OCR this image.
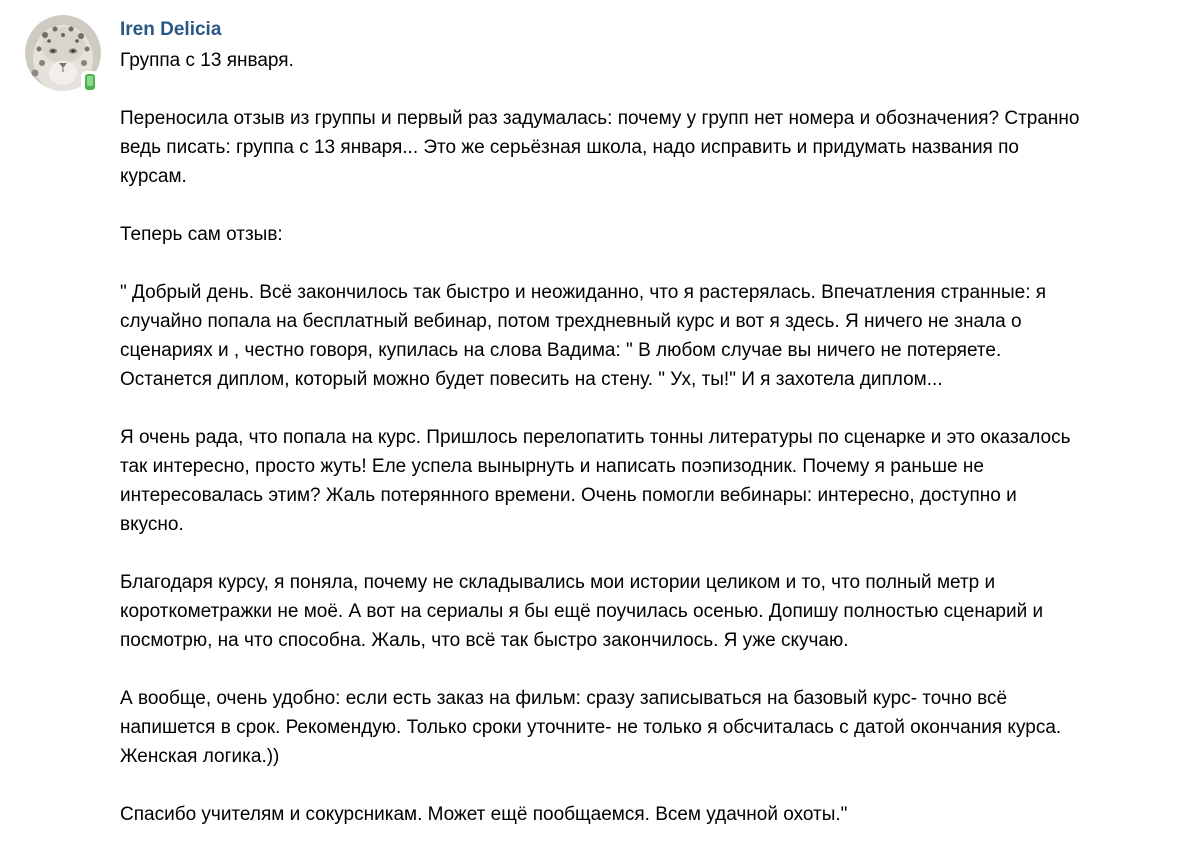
Iren Delicia
Группа с 13 января.
Переносила отзыв из группы и первый раз задумалась: почему у групп нет номера и обозначения? Странно
ведь писать: группа с 13 января... Это же серьёзная школа, надо исправить и придумать названия по
курсам.
Теперь сам отзыв:
" Добрый день. Всё закончилось так быстро и неожиданно, что я растерялась. Впечатления странные: я
случайно попала на бесплатный вебинар, потом трехдневный курс и вот я здесь. Я ничего не знала о
сценариях и , честно говоря, купилась на слова Вадима: " В любом случае вы ничего не потеряете.
Останется диплом, который можно будет повесить на стену. " Ух, ты!" И я захотела диплом...
Я очень рада, что попала на курс. Пришлось перелопатить тонны литературы по сценарке и это оказалось
так интересно, просто жуть! Еле успела вынырнуть и написать поэпизодник. Почему я раньше не
интересовалась этим? Жаль потерянного времени. Очень помогли вебинары: интересно, доступно и
вкусно.
Благодаря курсу, я поняла, почему не складывались мои истории целиком и то, что полный метр и
короткометражки не моё. А вот на сериалы я бы ещё поучилась осенью. Допишу полностью сценарий и
посмотрю, на что способна. Жаль, что всё так быстро закончилось. Я уже скучаю.
А вообще, очень удобно: если есть заказ на фильм: сразу записываться на базовый курс- точно всё
напишется в срок. Рекомендую. Только сроки уточните- не только я обсчиталась с датой окончания курса.
Женская логика.))
Спасибо учителям и сокурсникам. Может ещё пообщаемся. Всем удачной охоты."
